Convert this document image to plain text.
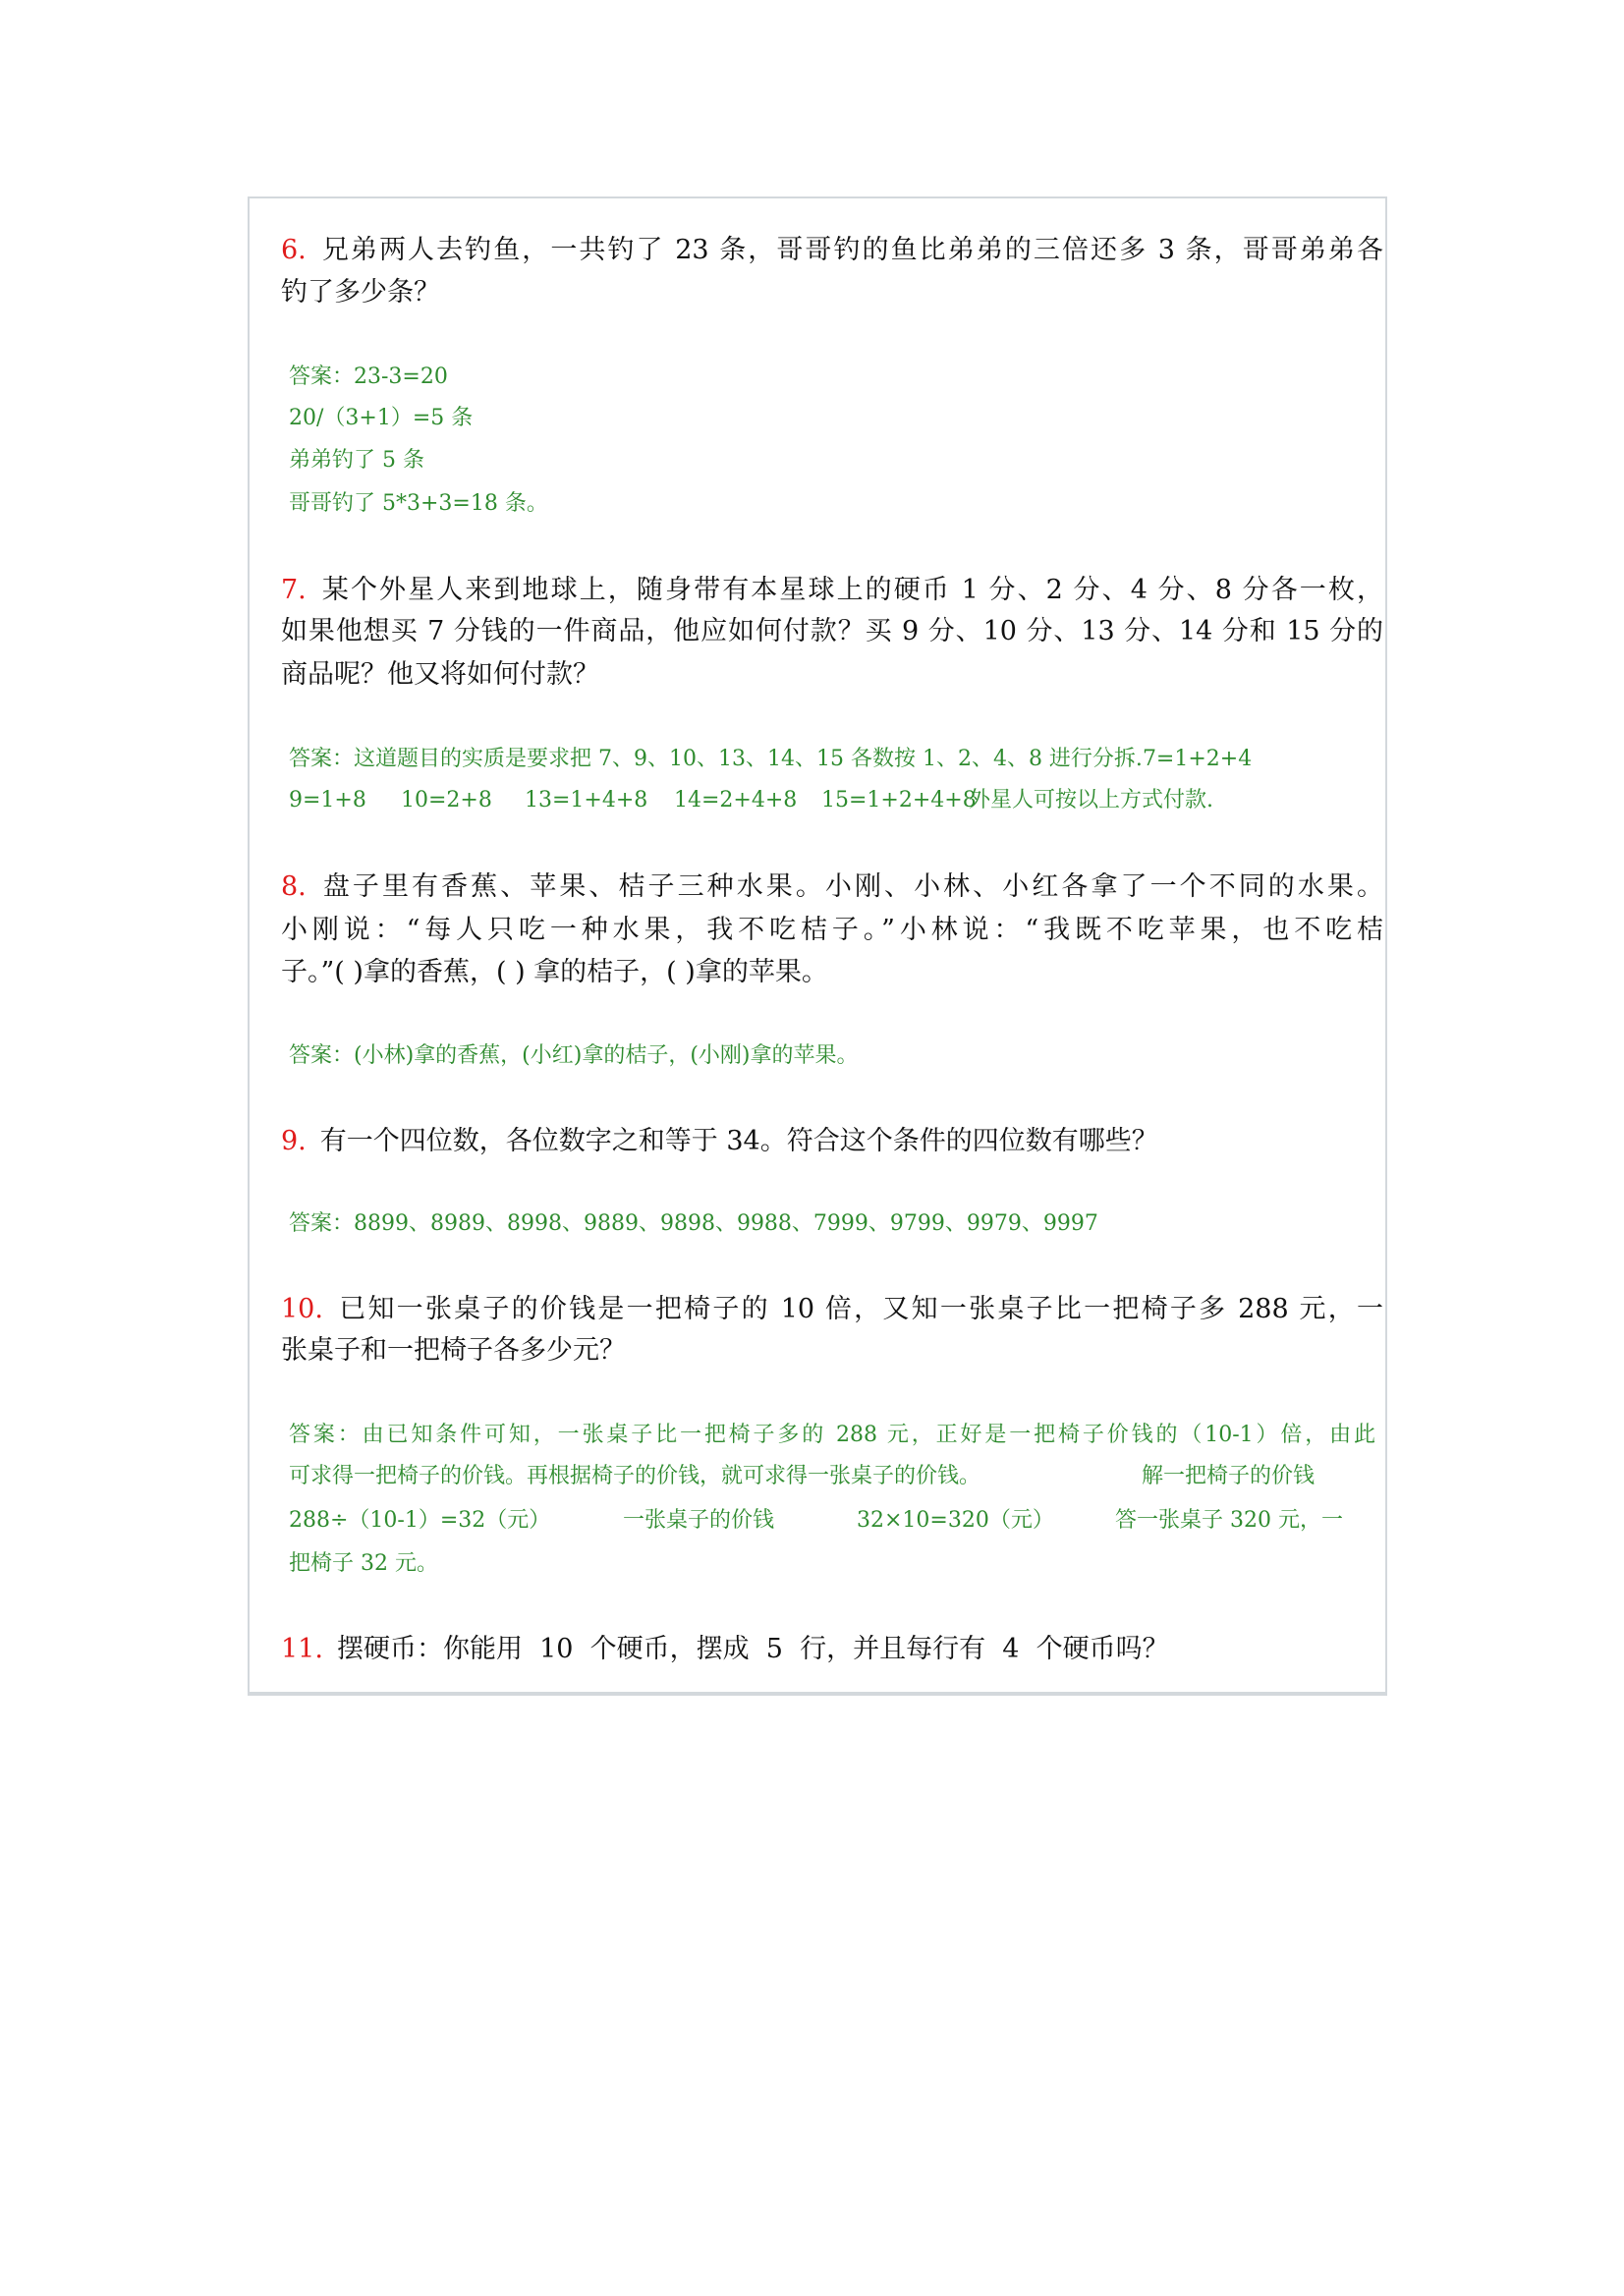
6. 兄弟两人去钓鱼，一共钓了 23 条，哥哥钓的鱼比弟弟的三倍还多 3 条，哥哥弟弟各
钓了多少条？
答案：23-3=20
20/（3+1）=5 条
弟弟钓了 5 条
哥哥钓了 5*3+3=18 条。
7. 某个外星人来到地球上，随身带有本星球上的硬币 1 分、2 分、4 分、8 分各一枚，
如果他想买 7 分钱的一件商品，他应如何付款？买 9 分、10 分、13 分、14 分和 15 分的
商品呢？他又将如何付款？
答案：这道题目的实质是要求把 7、9、10、13、14、15 各数按 1、2、4、8 进行分拆.7=1+2+4
9=1+8 10=2+8 13=1+4+8 14=2+4+8 15=1+2+4+8外星人可按以上方式付款.
8. 盘子里有香蕉、苹果、桔子三种水果。小刚、小林、小红各拿了一个不同的水果。
小刚说：“每人只吃一种水果，我不吃桔子。”小林说：“我既不吃苹果，也不吃桔
子。”( )拿的香蕉，( ) 拿的桔子，( )拿的苹果。
答案：(小林)拿的香蕉，(小红)拿的桔子，(小刚)拿的苹果。
9. 有一个四位数，各位数字之和等于 34。符合这个条件的四位数有哪些？
答案：8899、8989、8998、9889、9898、9988、7999、9799、9979、9997
10. 已知一张桌子的价钱是一把椅子的 10 倍，又知一张桌子比一把椅子多 288 元，一
张桌子和一把椅子各多少元？
答案：由已知条件可知，一张桌子比一把椅子多的 288 元，正好是一把椅子价钱的（10-1）倍，由此
可求得一把椅子的价钱。再根据椅子的价钱，就可求得一张桌子的价钱。	解一把椅子的价钱
288÷（10-1）=32（元）	一张桌子的价钱	32×10=320（元）	答一张桌子 320 元，一
把椅子 32 元。
11. 摆硬币：你能用  10  个硬币，摆成  5  行，并且每行有  4  个硬币吗？
